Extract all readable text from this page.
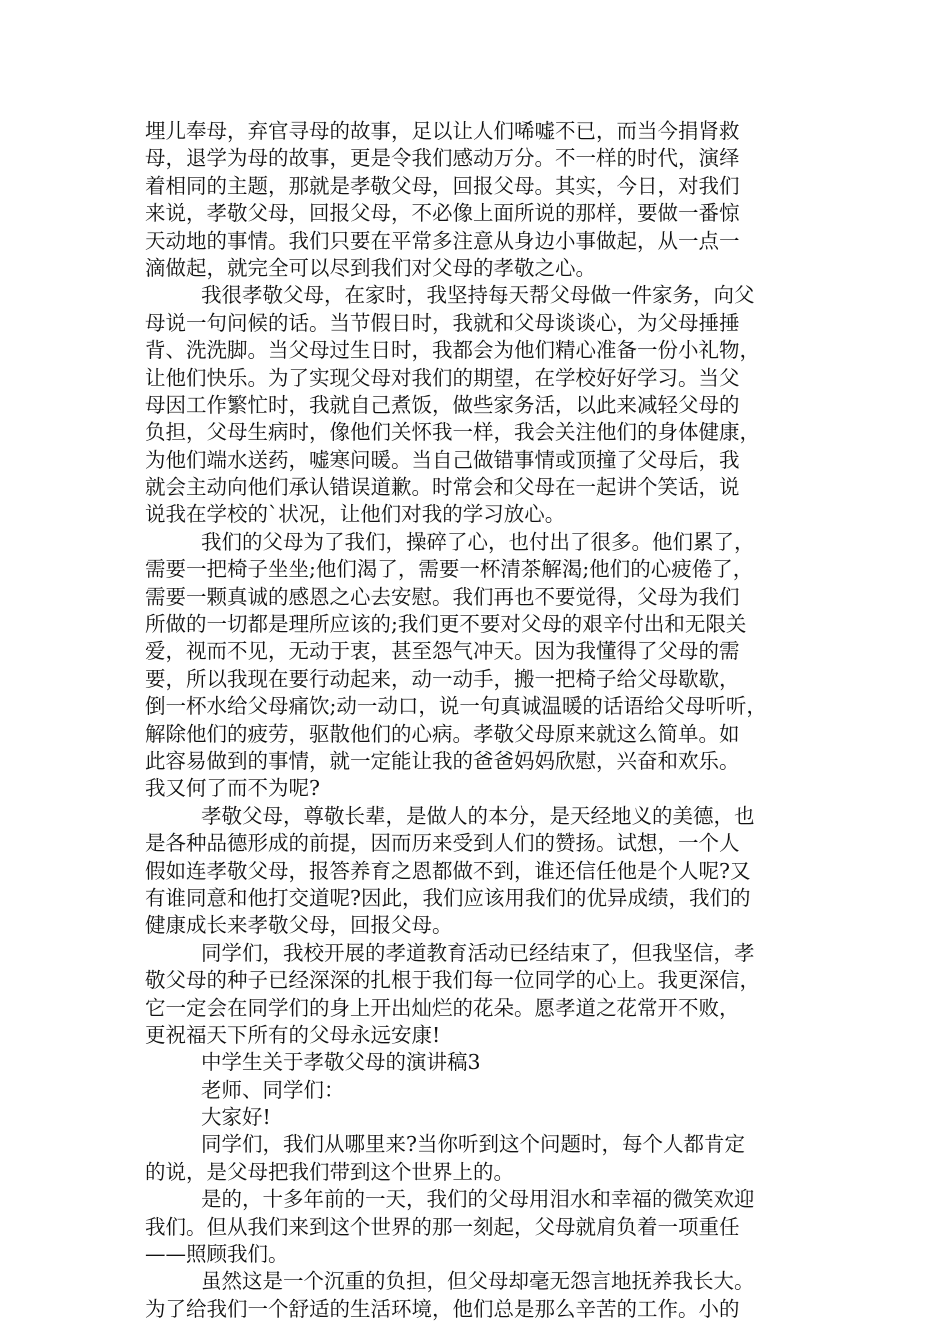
埋儿奉母，弃官寻母的故事，足以让人们唏嘘不已，而当今捐肾救
母，退学为母的故事，更是令我们感动万分。不一样的时代，演绎
着相同的主题，那就是孝敬父母，回报父母。其实，今日，对我们
来说，孝敬父母，回报父母，不必像上面所说的那样，要做一番惊
天动地的事情。我们只要在平常多注意从身边小事做起，从一点一
滴做起，就完全可以尽到我们对父母的孝敬之心。
我很孝敬父母，在家时，我坚持每天帮父母做一件家务，向父
母说一句问候的话。当节假日时，我就和父母谈谈心，为父母捶捶
背、洗洗脚。当父母过生日时，我都会为他们精心准备一份小礼物，
让他们快乐。为了实现父母对我们的期望，在学校好好学习。当父
母因工作繁忙时，我就自己煮饭，做些家务活，以此来减轻父母的
负担，父母生病时，像他们关怀我一样，我会关注他们的身体健康，
为他们端水送药，嘘寒问暖。当自己做错事情或顶撞了父母后，我
就会主动向他们承认错误道歉。时常会和父母在一起讲个笑话，说
说我在学校的`状况，让他们对我的学习放心。
我们的父母为了我们，操碎了心，也付出了很多。他们累了，
需要一把椅子坐坐;他们渴了，需要一杯清茶解渴;他们的心疲倦了，
需要一颗真诚的感恩之心去安慰。我们再也不要觉得，父母为我们
所做的一切都是理所应该的;我们更不要对父母的艰辛付出和无限关
爱，视而不见，无动于衷，甚至怨气冲天。因为我懂得了父母的需
要，所以我现在要行动起来，动一动手，搬一把椅子给父母歇歇，
倒一杯水给父母痛饮;动一动口，说一句真诚温暖的话语给父母听听，
解除他们的疲劳，驱散他们的心病。孝敬父母原来就这么简单。如
此容易做到的事情，就一定能让我的爸爸妈妈欣慰，兴奋和欢乐。
我又何了而不为呢?
孝敬父母，尊敬长辈，是做人的本分，是天经地义的美德，也
是各种品德形成的前提，因而历来受到人们的赞扬。试想，一个人
假如连孝敬父母，报答养育之恩都做不到，谁还信任他是个人呢?又
有谁同意和他打交道呢?因此，我们应该用我们的优异成绩，我们的
健康成长来孝敬父母，回报父母。
同学们，我校开展的孝道教育活动已经结束了，但我坚信，孝
敬父母的种子已经深深的扎根于我们每一位同学的心上。我更深信，
它一定会在同学们的身上开出灿烂的花朵。愿孝道之花常开不败，
更祝福天下所有的父母永远安康!
中学生关于孝敬父母的演讲稿3
老师、同学们：
大家好!
同学们，我们从哪里来?当你听到这个问题时，每个人都肯定
的说，是父母把我们带到这个世界上的。
是的，十多年前的一天，我们的父母用泪水和幸福的微笑欢迎
我们。但从我们来到这个世界的那一刻起，父母就肩负着一项重任
——照顾我们。
虽然这是一个沉重的负担，但父母却毫无怨言地抚养我长大。
为了给我们一个舒适的生活环境，他们总是那么辛苦的工作。小的
